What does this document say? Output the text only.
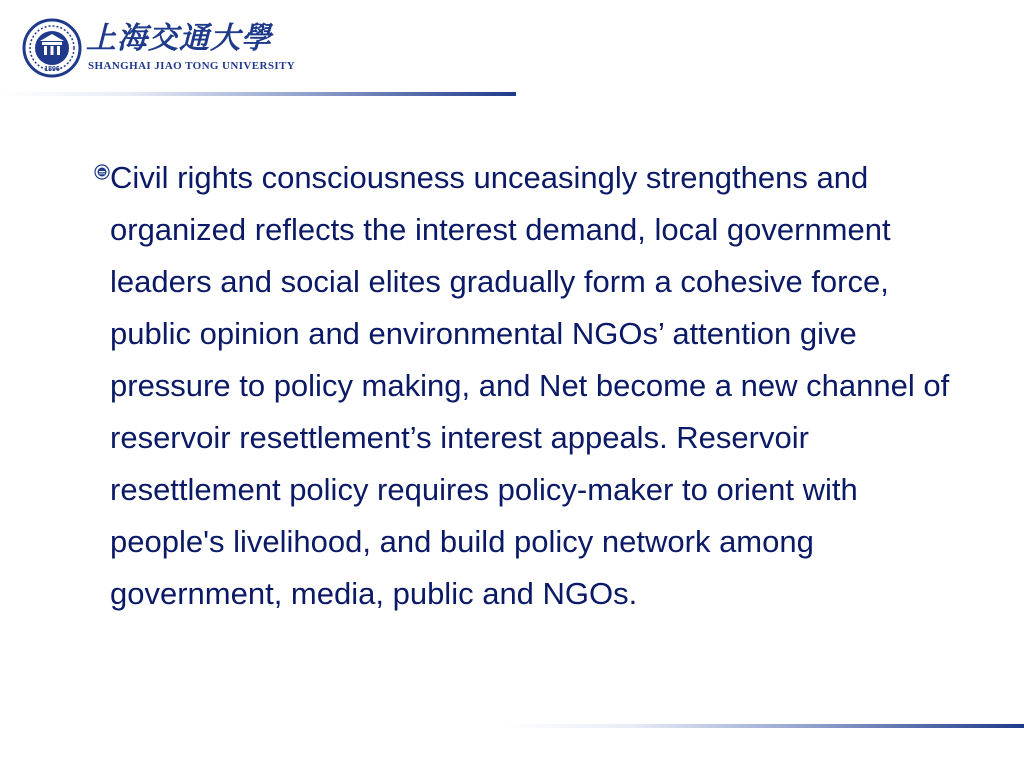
1896
上海交通大學
SHANGHAI JIAO TONG UNIVERSITY

Civil rights consciousness unceasingly strengthens and organized reflects the interest demand, local government leaders and social elites gradually form a cohesive force, public opinion and environmental NGOs’ attention give pressure to policy making, and Net become a new channel of reservoir resettlement’s interest appeals. Reservoir resettlement policy requires policy-maker to orient with people's livelihood, and build policy network among government, media, public and NGOs.
